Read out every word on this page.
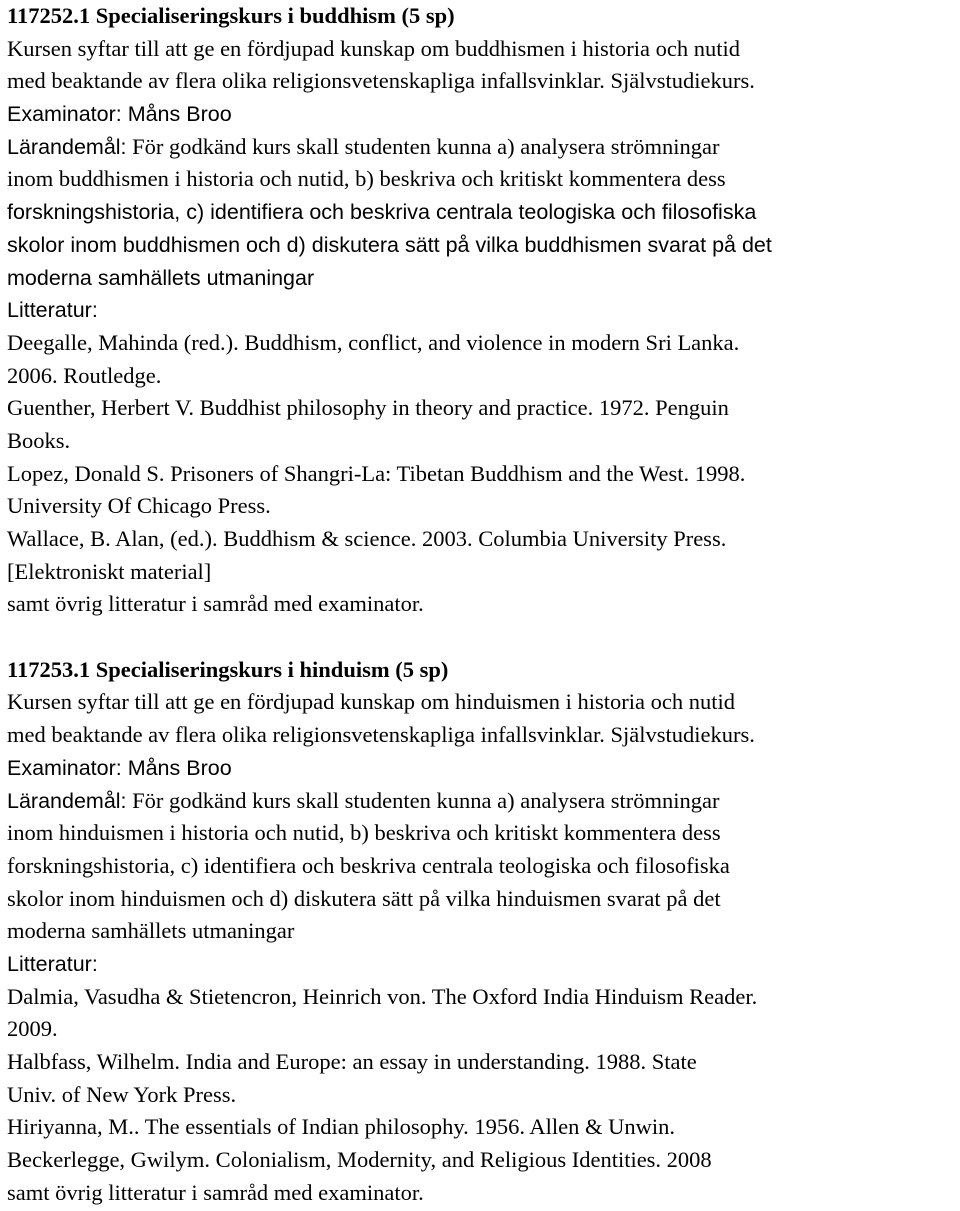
117252.1 Specialiseringskurs i buddhism (5 sp)
Kursen syftar till att ge en fördjupad kunskap om buddhismen i historia och nutid
med beaktande av flera olika religionsvetenskapliga infallsvinklar. Självstudiekurs.
Examinator: Måns Broo
Lärandemål: För godkänd kurs skall studenten kunna a) analysera strömningar
inom buddhismen i historia och nutid, b) beskriva och kritiskt kommentera dess
forskningshistoria, c) identifiera och beskriva centrala teologiska och filosofiska
skolor inom buddhismen och d) diskutera sätt på vilka buddhismen svarat på det
moderna samhällets utmaningar
Litteratur:
Deegalle, Mahinda (red.). Buddhism, conflict, and violence in modern Sri Lanka.
2006. Routledge.
Guenther, Herbert V. Buddhist philosophy in theory and practice. 1972. Penguin
Books.
Lopez, Donald S. Prisoners of Shangri-La: Tibetan Buddhism and the West. 1998.
University Of Chicago Press.
Wallace, B. Alan, (ed.). Buddhism & science. 2003. Columbia University Press.
[Elektroniskt material]
samt övrig litteratur i samråd med examinator.
117253.1 Specialiseringskurs i hinduism (5 sp)
Kursen syftar till att ge en fördjupad kunskap om hinduismen i historia och nutid
med beaktande av flera olika religionsvetenskapliga infallsvinklar. Självstudiekurs.
Examinator: Måns Broo
Lärandemål: För godkänd kurs skall studenten kunna a) analysera strömningar
inom hinduismen i historia och nutid, b) beskriva och kritiskt kommentera dess
forskningshistoria, c) identifiera och beskriva centrala teologiska och filosofiska
skolor inom hinduismen och d) diskutera sätt på vilka hinduismen svarat på det
moderna samhällets utmaningar
Litteratur:
Dalmia, Vasudha & Stietencron, Heinrich von. The Oxford India Hinduism Reader.
2009.
Halbfass, Wilhelm. India and Europe: an essay in understanding. 1988. State
Univ. of New York Press.
Hiriyanna, M.. The essentials of Indian philosophy. 1956. Allen & Unwin.
Beckerlegge, Gwilym. Colonialism, Modernity, and Religious Identities. 2008
samt övrig litteratur i samråd med examinator.
